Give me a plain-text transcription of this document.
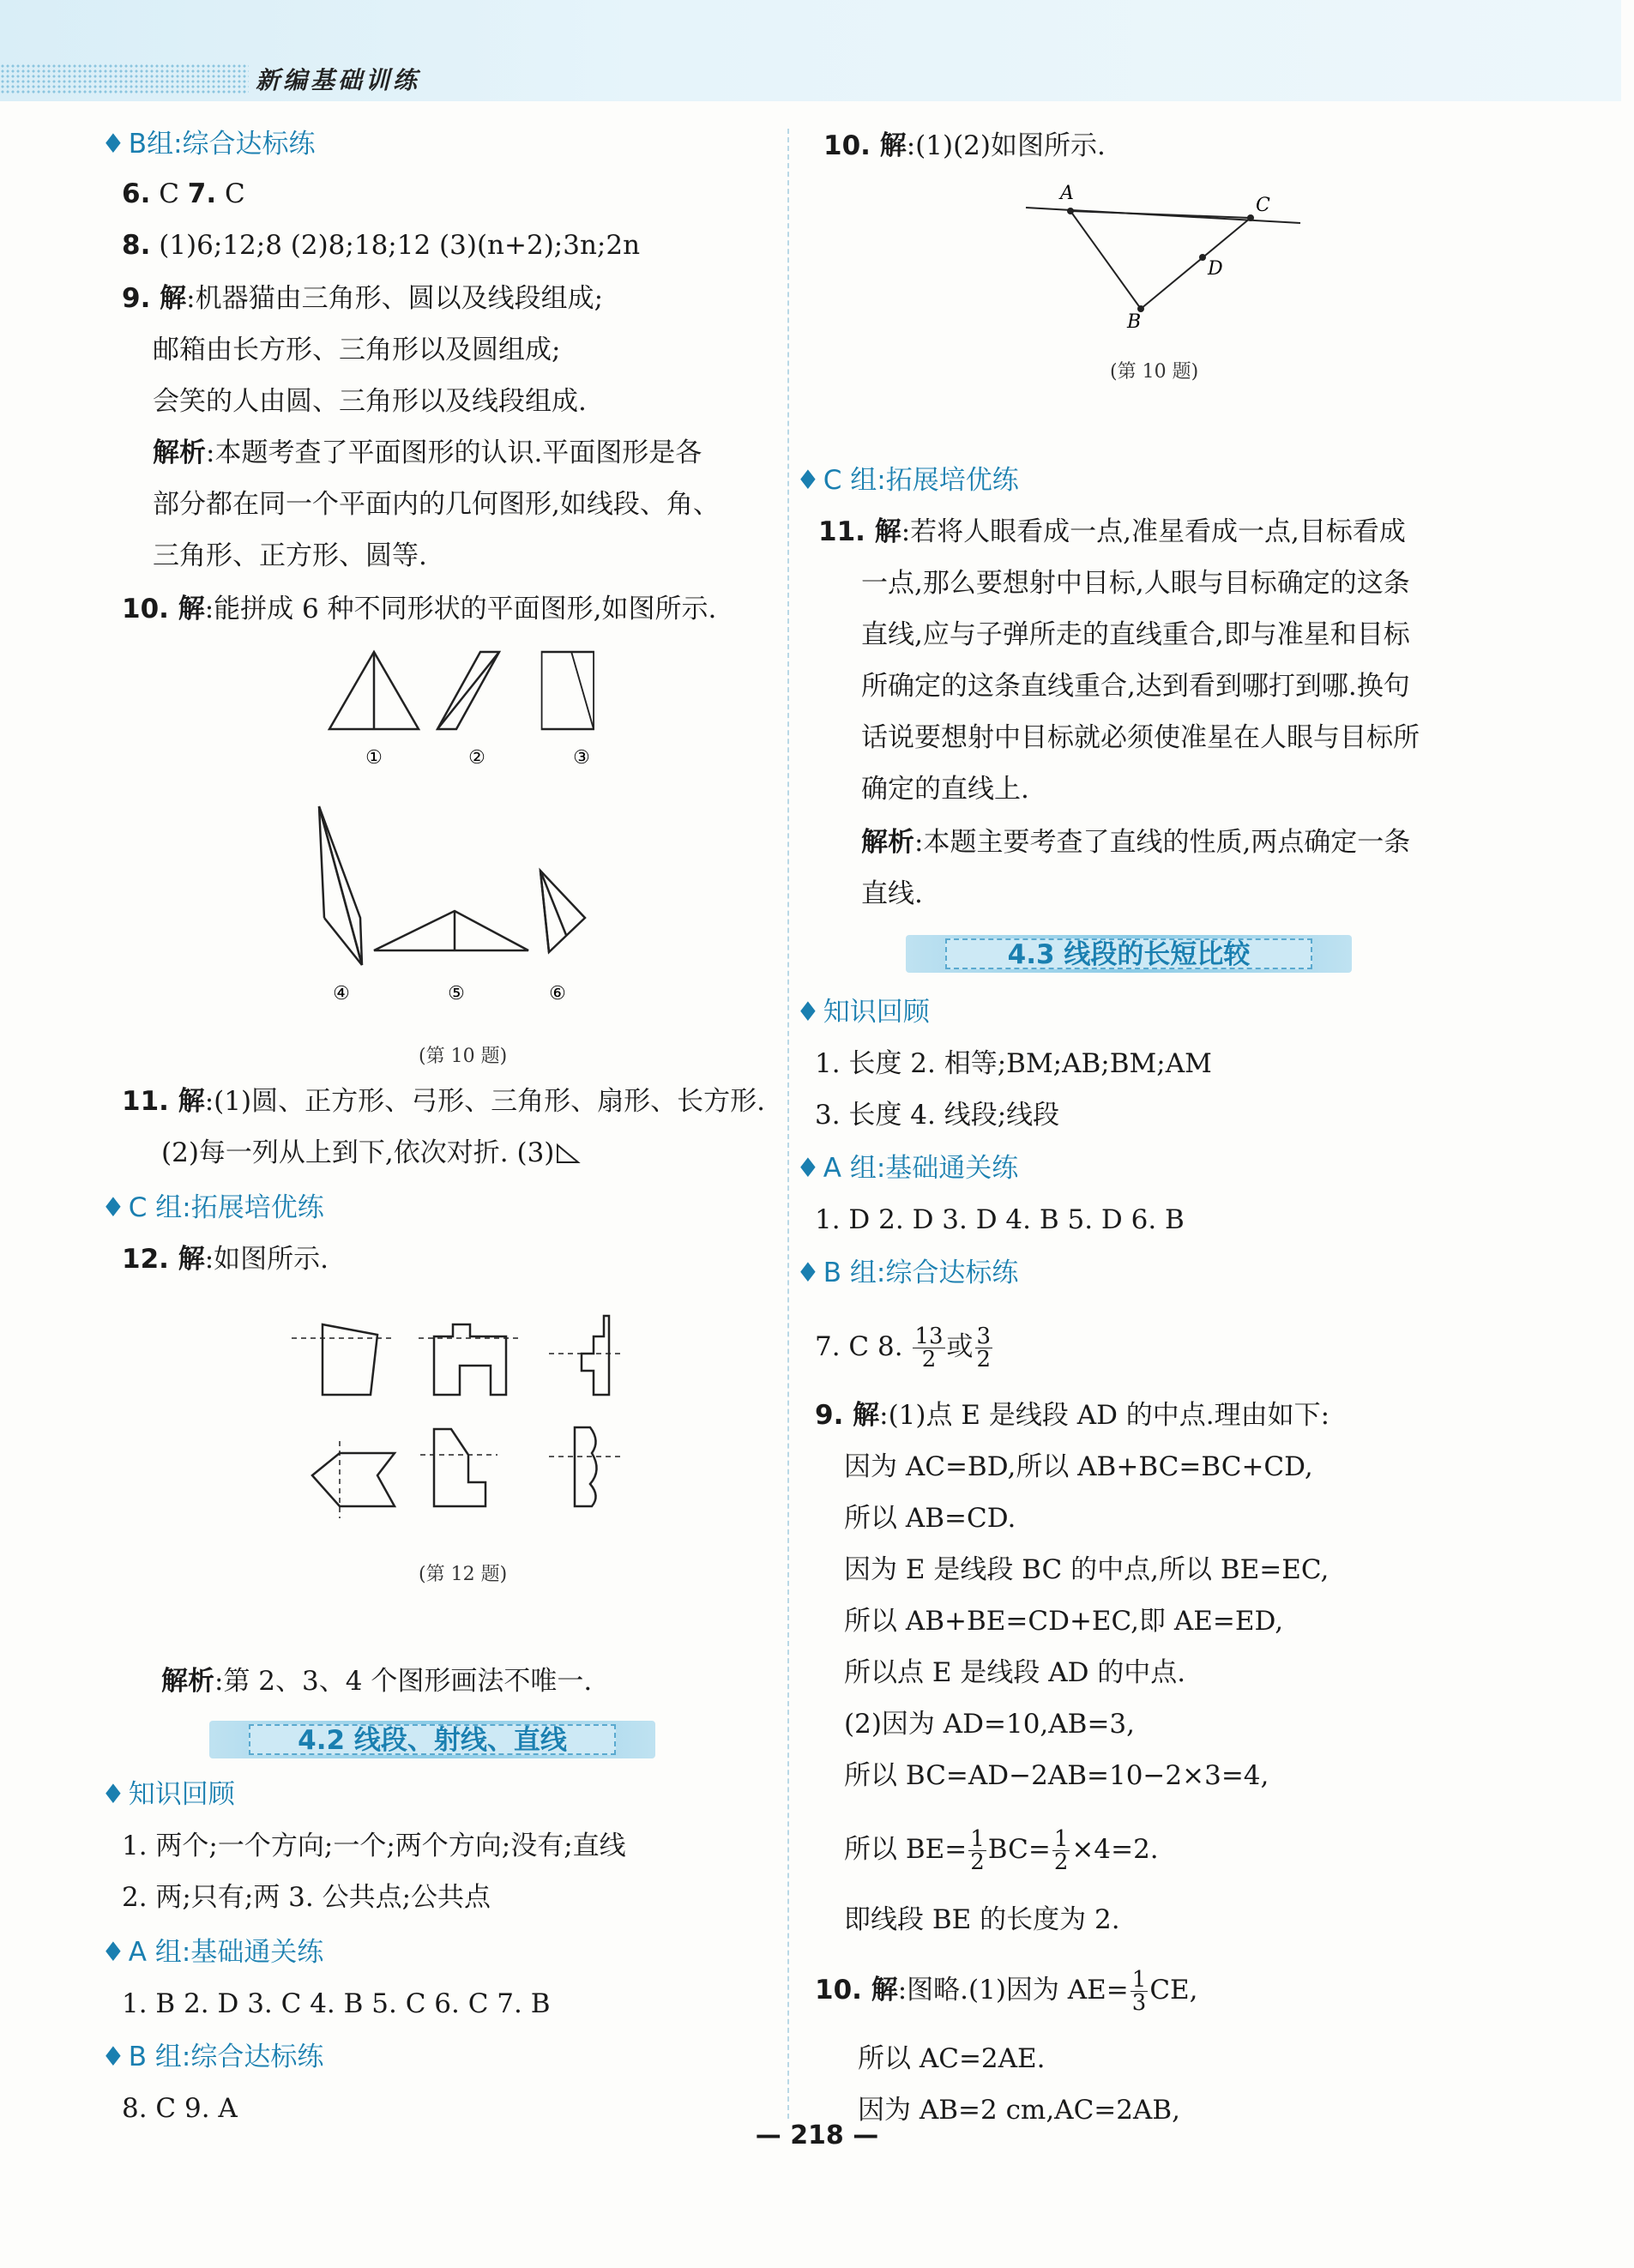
新编基础训练
♦ B组:综合达标练
6. C 7. C
8. (1)6;12;8 (2)8;18;12 (3)(n+2);3n;2n
9. 解:机器猫由三角形、圆以及线段组成;
邮箱由长方形、三角形以及圆组成;
会笑的人由圆、三角形以及线段组成.
解析:本题考查了平面图形的认识.平面图形是各
部分都在同一个平面内的几何图形,如线段、角、
三角形、正方形、圆等.
10. 解:能拼成 6 种不同形状的平面图形,如图所示.
①	②	③
④	⑤	⑥
(第 10 题)
11. 解:(1)圆、正方形、弓形、三角形、扇形、长方形.
(2)每一列从上到下,依次对折. (3)
♦ C 组:拓展培优练
12. 解:如图所示.
(第 12 题)
解析:第 2、3、4 个图形画法不唯一.
4.2 线段、射线、直线
♦ 知识回顾
1. 两个;一个方向;一个;两个方向;没有;直线
2. 两;只有;两 3. 公共点;公共点
♦ A 组:基础通关练
1. B 2. D 3. C 4. B 5. C 6. C 7. B
♦ B 组:综合达标练
8. C 9. A
10. 解:(1)(2)如图所示.
A
C
D
B
(第 10 题)
♦ C 组:拓展培优练
11. 解:若将人眼看成一点,准星看成一点,目标看成
一点,那么要想射中目标,人眼与目标确定的这条
直线,应与子弹所走的直线重合,即与准星和目标
所确定的这条直线重合,达到看到哪打到哪.换句
话说要想射中目标就必须使准星在人眼与目标所
确定的直线上.
解析:本题主要考查了直线的性质,两点确定一条
直线.
4.3 线段的长短比较
♦ 知识回顾
1. 长度 2. 相等;BM;AB;BM;AM
3. 长度 4. 线段;线段
♦ A 组:基础通关练
1. D 2. D 3. D 4. B 5. D 6. B
♦ B 组:综合达标练
7. C 8. $\frac{13}{2}$ 或 $\frac{3}{2}$
9. 解:(1)点 E 是线段 AD 的中点.理由如下:
因为 AC=BD,所以 AB+BC=BC+CD,
所以 AB=CD.
因为 E 是线段 BC 的中点,所以 BE=EC,
所以 AB+BE=CD+EC,即 AE=ED,
所以点 E 是线段 AD 的中点.
(2)因为 AD=10,AB=3,
所以 BC=AD−2AB=10−2×3=4,
所以 $BE= \frac{1}{2} BC= \frac{1}{2} \times 4=2$.
即线段 BE 的长度为 2.
10. 解:图略.(1)因为 $AE= \frac{1}{3}$ CE,
所以 AC=2AE.
因为 AB=2 cm,AC=2AB,
— 218 —
